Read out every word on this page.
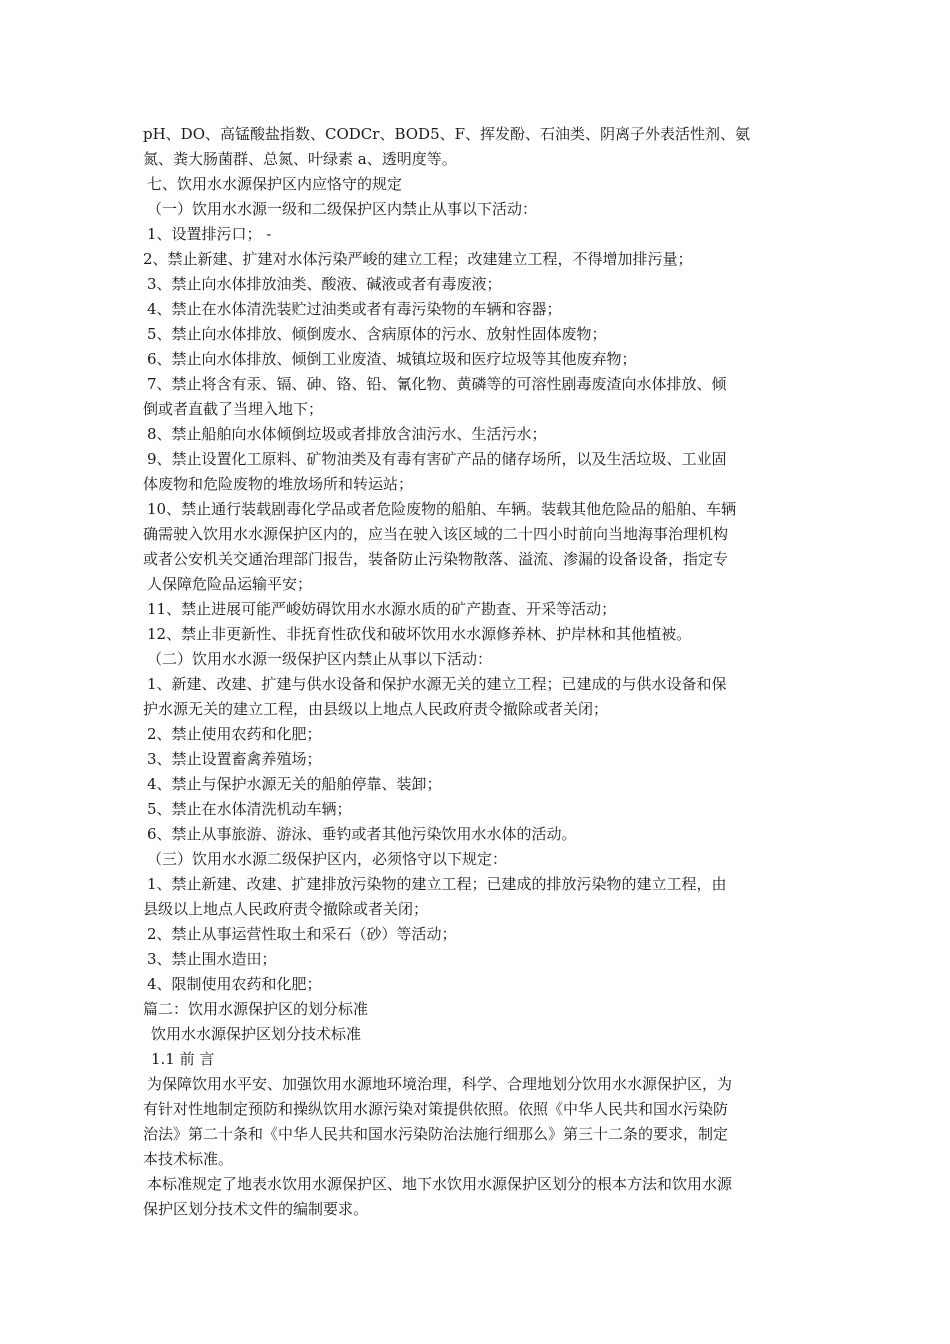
pH、DO、高锰酸盐指数、CODCr、BOD5、F、挥发酚、石油类、阴离子外表活性剂、氨
氮、粪大肠菌群、总氮、叶绿素 a、透明度等。
七、饮用水水源保护区内应恪守的规定
（一）饮用水水源一级和二级保护区内禁止从事以下活动：
1、设置排污口； -
2、禁止新建、扩建对水体污染严峻的建立工程；改建建立工程，不得增加排污量；
3、禁止向水体排放油类、酸液、碱液或者有毒废液；
4、禁止在水体清洗装贮过油类或者有毒污染物的车辆和容器；
5、禁止向水体排放、倾倒废水、含病原体的污水、放射性固体废物；
6、禁止向水体排放、倾倒工业废渣、城镇垃圾和医疗垃圾等其他废弃物；
7、禁止将含有汞、镉、砷、铬、铅、氰化物、黄磷等的可溶性剧毒废渣向水体排放、倾
倒或者直截了当埋入地下；
8、禁止船舶向水体倾倒垃圾或者排放含油污水、生活污水；
9、禁止设置化工原料、矿物油类及有毒有害矿产品的储存场所，以及生活垃圾、工业固
体废物和危险废物的堆放场所和转运站；
10、禁止通行装载剧毒化学品或者危险废物的船舶、车辆。装载其他危险品的船舶、车辆
确需驶入饮用水水源保护区内的，应当在驶入该区域的二十四小时前向当地海事治理机构
或者公安机关交通治理部门报告，装备防止污染物散落、溢流、渗漏的设备设备，指定专
人保障危险品运输平安；
11、禁止进展可能严峻妨碍饮用水水源水质的矿产勘查、开采等活动；
12、禁止非更新性、非抚育性砍伐和破坏饮用水水源修养林、护岸林和其他植被。
（二）饮用水水源一级保护区内禁止从事以下活动：
1、新建、改建、扩建与供水设备和保护水源无关的建立工程；已建成的与供水设备和保
护水源无关的建立工程，由县级以上地点人民政府责令撤除或者关闭；
2、禁止使用农药和化肥；
3、禁止设置畜禽养殖场；
4、禁止与保护水源无关的船舶停靠、装卸；
5、禁止在水体清洗机动车辆；
6、禁止从事旅游、游泳、垂钓或者其他污染饮用水水体的活动。
（三）饮用水水源二级保护区内，必须恪守以下规定：
1、禁止新建、改建、扩建排放污染物的建立工程；已建成的排放污染物的建立工程，由
县级以上地点人民政府责令撤除或者关闭；
2、禁止从事运营性取土和采石（砂）等活动；
3、禁止围水造田；
4、限制使用农药和化肥；
篇二：饮用水源保护区的划分标准
饮用水水源保护区划分技术标准
1.1 前 言
为保障饮用水平安、加强饮用水源地环境治理，科学、合理地划分饮用水水源保护区，为
有针对性地制定预防和操纵饮用水源污染对策提供依照。依照《中华人民共和国水污染防
治法》第二十条和《中华人民共和国水污染防治法施行细那么》第三十二条的要求，制定
本技术标准。
本标准规定了地表水饮用水源保护区、地下水饮用水源保护区划分的根本方法和饮用水源
保护区划分技术文件的编制要求。
